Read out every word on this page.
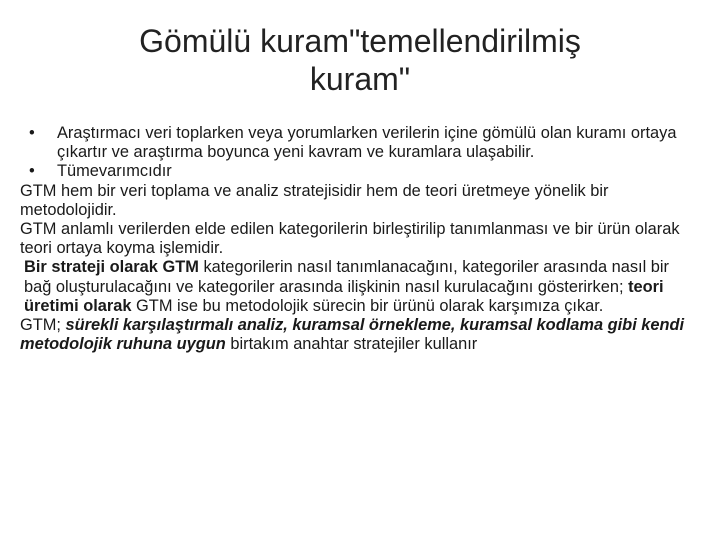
Gömülü kuram"temellendirilmiş
kuram"

• Araştırmacı veri toplarken veya yorumlarken verilerin içine gömülü olan kuramı ortaya çıkartır ve araştırma boyunca yeni kavram ve kuramlara ulaşabilir.

• Tümevarımcıdır

GTM hem bir veri toplama ve analiz stratejisidir hem de teori üretmeye yönelik bir metodolojidir.

GTM anlamlı verilerden elde edilen kategorilerin birleştirilip tanımlanması ve bir ürün olarak teori ortaya koyma işlemidir.

Bir strateji olarak GTM kategorilerin nasıl tanımlanacağını, kategoriler arasında nasıl bir bağ oluşturulacağını ve kategoriler arasında ilişkinin nasıl kurulacağını gösterirken; teori üretimi olarak GTM ise bu metodolojik sürecin bir ürünü olarak karşımıza çıkar.

GTM; sürekli karşılaştırmalı analiz, kuramsal örnekleme, kuramsal kodlama gibi kendi metodolojik ruhuna uygun birtakım anahtar stratejiler kullanır
